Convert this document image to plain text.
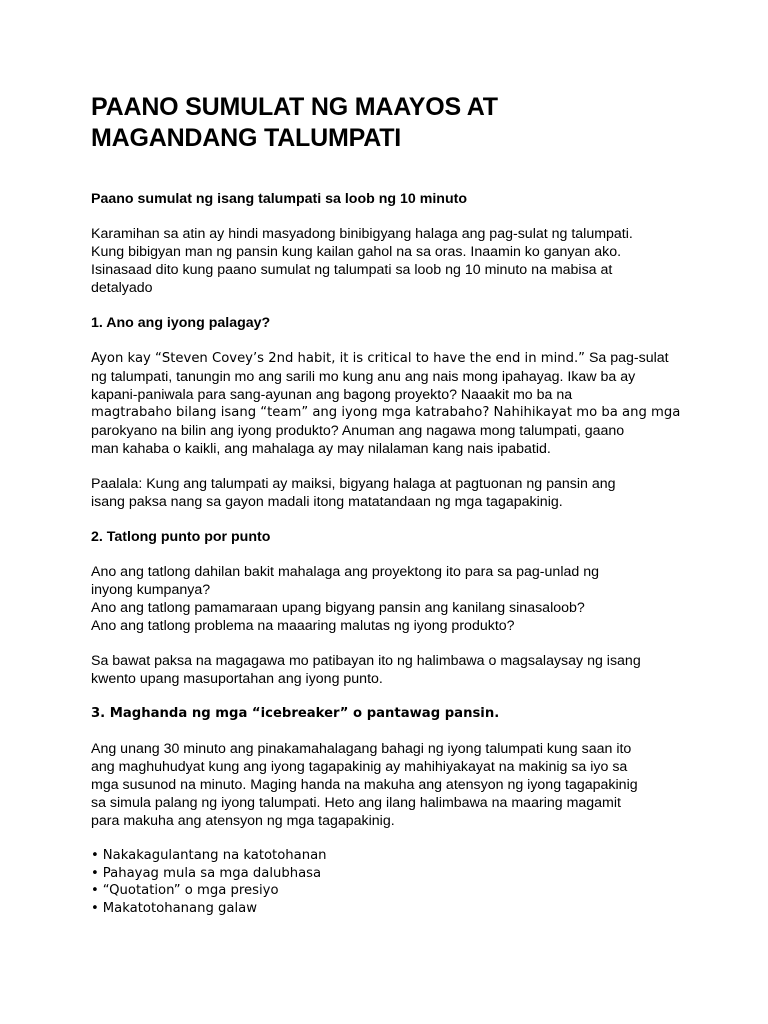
PAANO SUMULAT NG MAAYOS AT
MAGANDANG TALUMPATI

Paano sumulat ng isang talumpati sa loob ng 10 minuto

Karamihan sa atin ay hindi masyadong binibigyang halaga ang pag-sulat ng talumpati.
Kung bibigyan man ng pansin kung kailan gahol na sa oras. Inaamin ko ganyan ako.
Isinasaad dito kung paano sumulat ng talumpati sa loob ng 10 minuto na mabisa at
detalyado

1. Ano ang iyong palagay?

Ayon kay “Steven Covey’s 2nd habit, it is critical to have the end in mind.” Sa pag-sulat
ng talumpati, tanungin mo ang sarili mo kung anu ang nais mong ipahayag. Ikaw ba ay
kapani-paniwala para sang-ayunan ang bagong proyekto? Naaakit mo ba na
magtrabaho bilang isang “team” ang iyong mga katrabaho? Nahihikayat mo ba ang mga
parokyano na bilin ang iyong produkto? Anuman ang nagawa mong talumpati, gaano
man kahaba o kaikli, ang mahalaga ay may nilalaman kang nais ipabatid.

Paalala: Kung ang talumpati ay maiksi, bigyang halaga at pagtuonan ng pansin ang
isang paksa nang sa gayon madali itong matatandaan ng mga tagapakinig.

2. Tatlong punto por punto

Ano ang tatlong dahilan bakit mahalaga ang proyektong ito para sa pag-unlad ng
inyong kumpanya?
Ano ang tatlong pamamaraan upang bigyang pansin ang kanilang sinasaloob?
Ano ang tatlong problema na maaaring malutas ng iyong produkto?

Sa bawat paksa na magagawa mo patibayan ito ng halimbawa o magsalaysay ng isang
kwento upang masuportahan ang iyong punto.

3. Maghanda ng mga “icebreaker” o pantawag pansin.

Ang unang 30 minuto ang pinakamahalagang bahagi ng iyong talumpati kung saan ito
ang maghuhudyat kung ang iyong tagapakinig ay mahihiyakayat na makinig sa iyo sa
mga susunod na minuto. Maging handa na makuha ang atensyon ng iyong tagapakinig
sa simula palang ng iyong talumpati. Heto ang ilang halimbawa na maaring magamit
para makuha ang atensyon ng mga tagapakinig.

• Nakakagulantang na katotohanan
• Pahayag mula sa mga dalubhasa
• “Quotation” o mga presiyo
• Makatotohanang galaw
